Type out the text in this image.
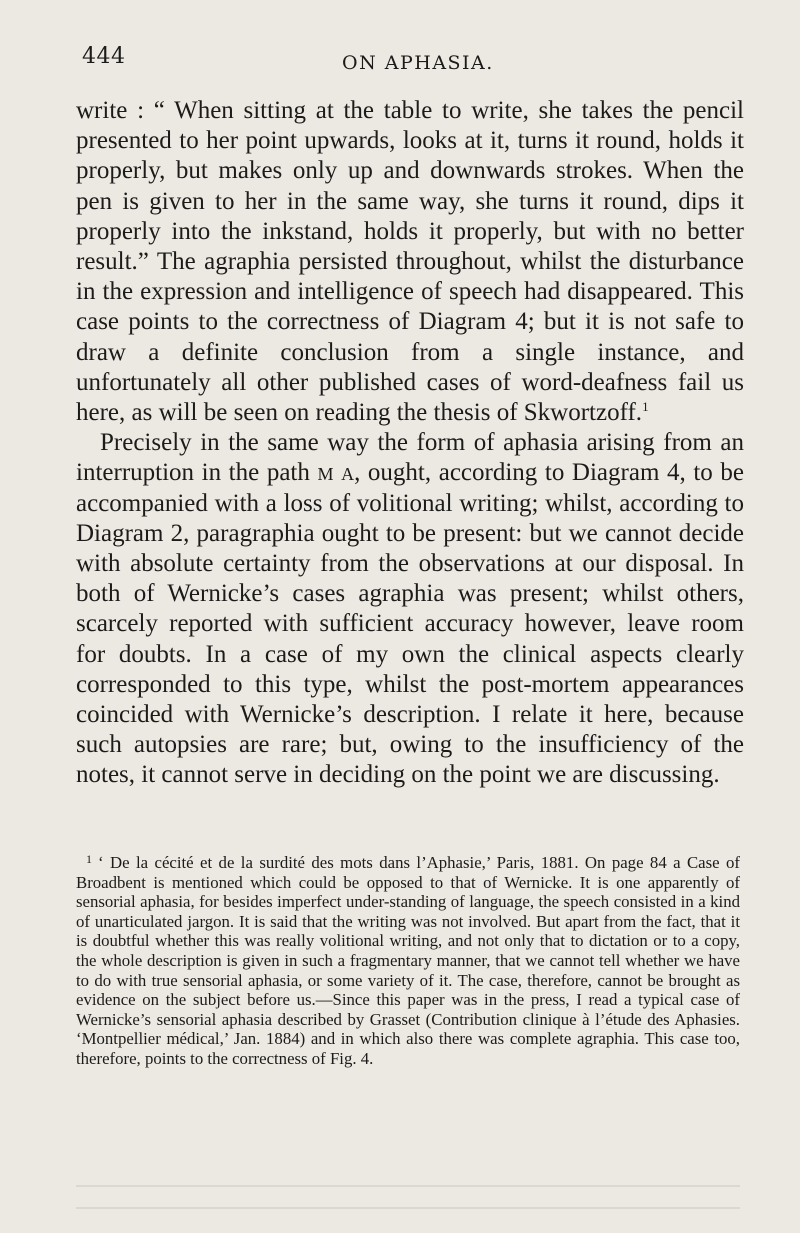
444	ON APHASIA.

write : “ When sitting at the table to write, she takes the pencil presented to her point upwards, looks at it, turns it round, holds it properly, but makes only up and downwards strokes. When the pen is given to her in the same way, she turns it round, dips it properly into the inkstand, holds it properly, but with no better result.” The agraphia persisted throughout, whilst the disturbance in the expression and intelligence of speech had disappeared. This case points to the correctness of Diagram 4; but it is not safe to draw a definite conclusion from a single instance, and unfortunately all other published cases of word-deafness fail us here, as will be seen on reading the thesis of Skwortzoff.$^1$

Precisely in the same way the form of aphasia arising from an interruption in the path m a, ought, according to Diagram 4, to be accompanied with a loss of volitional writing; whilst, according to Diagram 2, paragraphia ought to be present: but we cannot decide with absolute certainty from the observations at our disposal. In both of Wernicke’s cases agraphia was present; whilst others, scarcely reported with sufficient accuracy however, leave room for doubts. In a case of my own the clinical aspects clearly corresponded to this type, whilst the post-mortem appearances coincided with Wernicke’s description. I relate it here, because such autopsies are rare; but, owing to the insufficiency of the notes, it cannot serve in deciding on the point we are discussing.

$^1$ ‘ De la cécité et de la surdité des mots dans l’Aphasie,’ Paris, 1881. On page 84 a Case of Broadbent is mentioned which could be opposed to that of Wernicke. It is one apparently of sensorial aphasia, for besides imperfect under-standing of language, the speech consisted in a kind of unarticulated jargon. It is said that the writing was not involved. But apart from the fact, that it is doubtful whether this was really volitional writing, and not only that to dictation or to a copy, the whole description is given in such a fragmentary manner, that we cannot tell whether we have to do with true sensorial aphasia, or some variety of it. The case, therefore, cannot be brought as evidence on the subject before us.—Since this paper was in the press, I read a typical case of Wernicke’s sensorial aphasia described by Grasset (Contribution clinique à l’étude des Aphasies. ‘Montpellier médical,’ Jan. 1884) and in which also there was complete agraphia. This case too, therefore, points to the correctness of Fig. 4.
